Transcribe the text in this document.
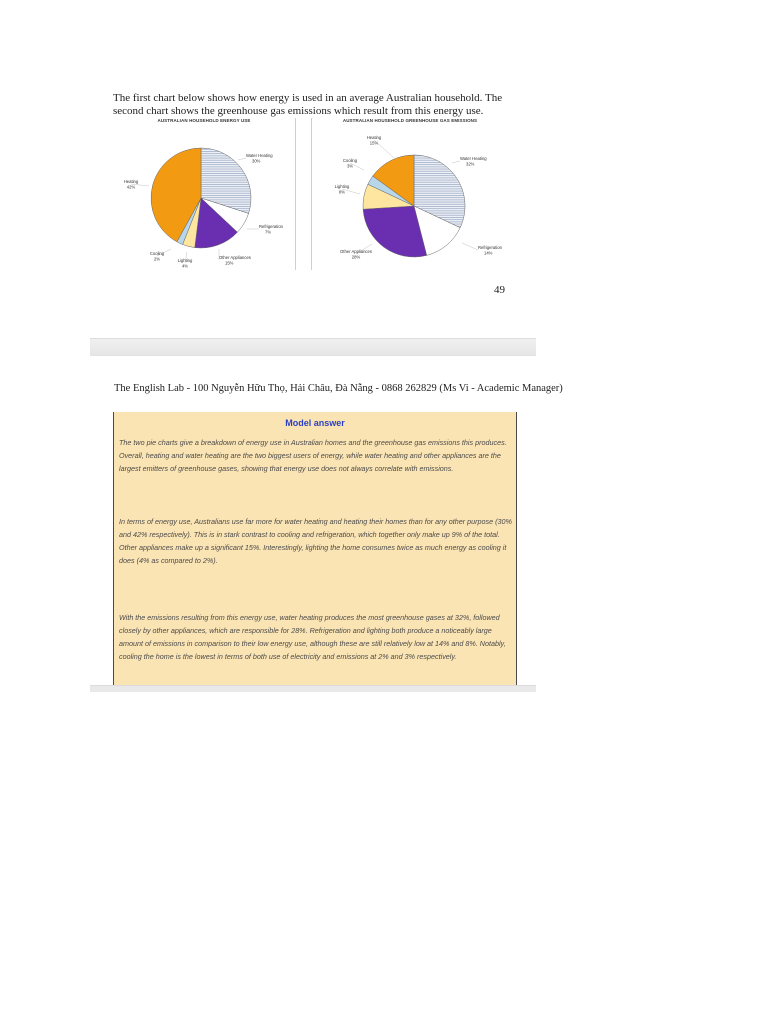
The first chart below shows how energy is used in an average Australian household. The second chart shows the greenhouse gas emissions which result from this energy use.
AUSTRALIAN HOUSEHOLD ENERGY USE
Water Heating
30%
Refrigeration
7%
Other Appliances
15%
Lighting
4%
Cooling
2%
Heating
42%
AUSTRALIAN HOUSEHOLD GREENHOUSE GAS EMISSIONS
Water Heating
32%
Refrigeration
14%
Other Appliances
28%
Lighting
8%
Cooling
3%
Heating
15%
49
The English Lab - 100 Nguyễn Hữu Thọ, Hải Châu, Đà Nẵng - 0868 262829 (Ms Vi - Academic Manager)
Model answer
The two pie charts give a breakdown of energy use in Australian homes and the greenhouse gas emissions this produces. Overall, heating and water heating are the two biggest users of energy, while water heating and other appliances are the largest emitters of greenhouse gases, showing that energy use does not always correlate with emissions.
In terms of energy use, Australians use far more for water heating and heating their homes than for any other purpose (30% and 42% respectively). This is in stark contrast to cooling and refrigeration, which together only make up 9% of the total. Other appliances make up a significant 15%. Interestingly, lighting the home consumes twice as much energy as cooling it does (4% as compared to 2%).
With the emissions resulting from this energy use, water heating produces the most greenhouse gases at 32%, followed closely by other appliances, which are responsible for 28%. Refrigeration and lighting both produce a noticeably large amount of emissions in comparison to their low energy use, although these are still relatively low at 14% and 8%. Notably, cooling the home is the lowest in terms of both use of electricity and emissions at 2% and 3% respectively.
